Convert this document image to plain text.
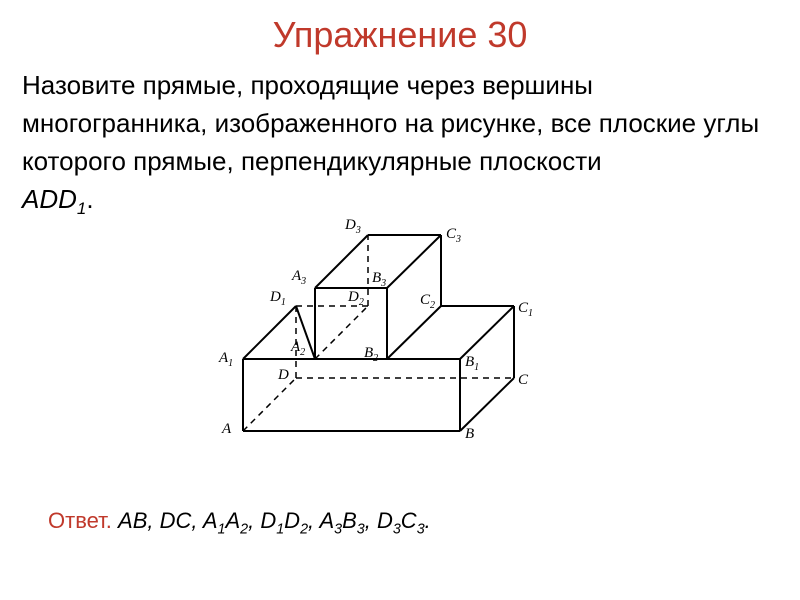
Упражнение 30
Назовите прямые, проходящие через вершины многогранника, изображенного на рисунке, все плоские углы которого прямые, перпендикулярные плоскости
$ADD_1$.
A	B
C
D
$A_1$	$B_1$
$C_1$
$D_1$
$A_2$	$B_2$
$C_2$
$D_2$
$A_3$	$B_3$
$C_3$
$D_3$
Ответ. AB, DC, $A_1A_2$, $D_1D_2$, $A_3B_3$, $D_3C_3$.
